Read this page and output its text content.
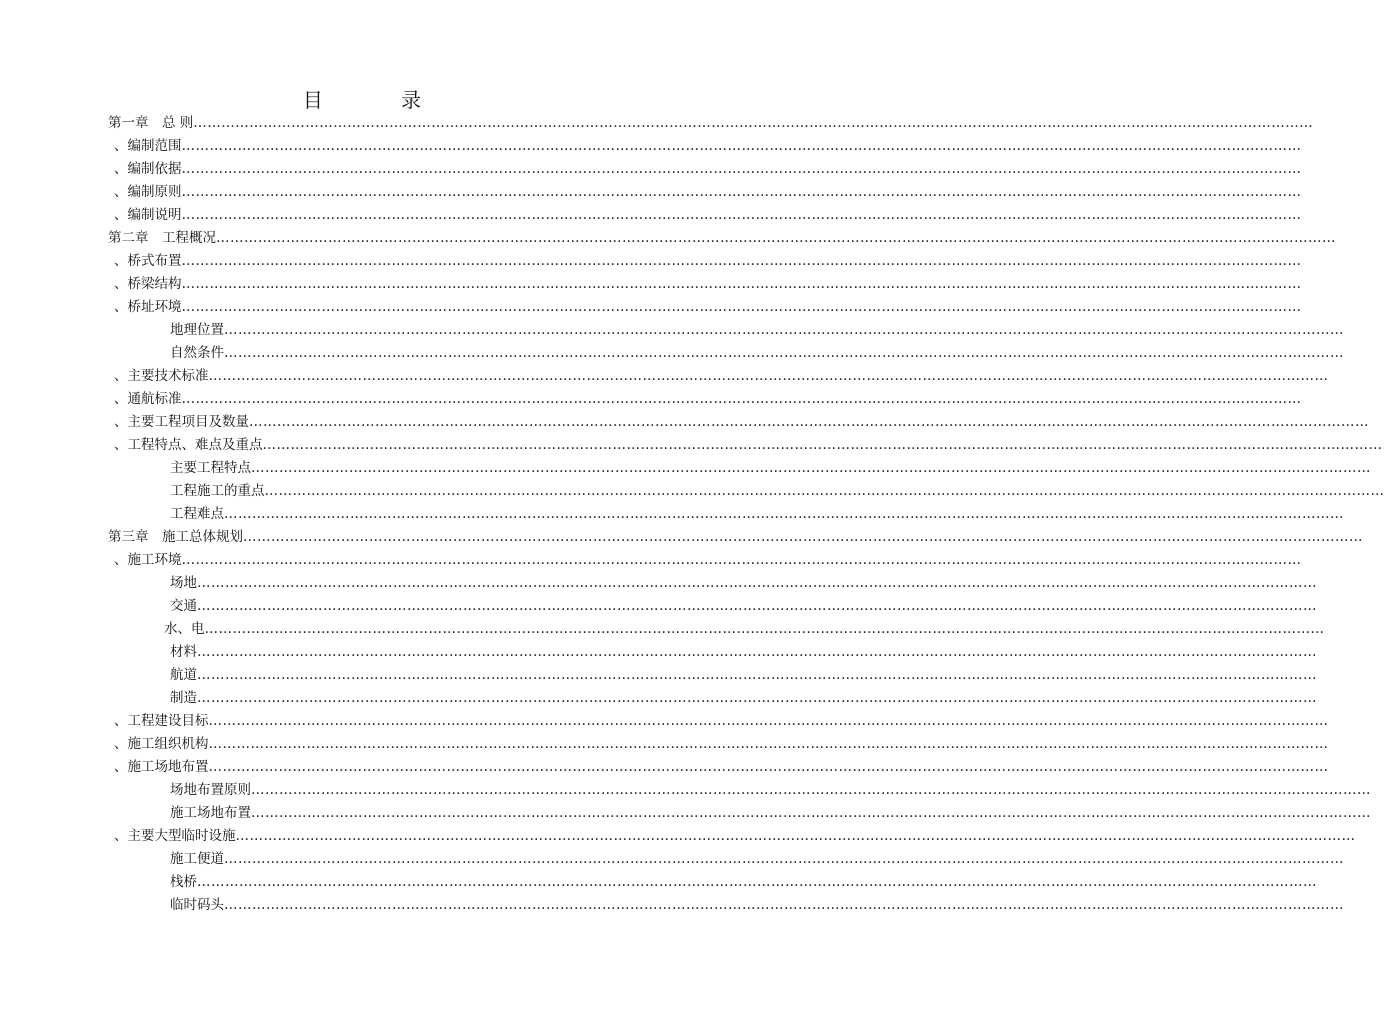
目 录
第一章　总 则 ……………………………………………………………………………………………………………………………………………………………………………………………………………………
、编制范围 ……………………………………………………………………………………………………………………………………………………………………………………………………………………
、编制依据 ……………………………………………………………………………………………………………………………………………………………………………………………………………………
、编制原则 ……………………………………………………………………………………………………………………………………………………………………………………………………………………
、编制说明 ……………………………………………………………………………………………………………………………………………………………………………………………………………………
第二章　工程概况 ……………………………………………………………………………………………………………………………………………………………………………………………………………………
、桥式布置 ……………………………………………………………………………………………………………………………………………………………………………………………………………………
、桥梁结构 ……………………………………………………………………………………………………………………………………………………………………………………………………………………
、桥址环境 ……………………………………………………………………………………………………………………………………………………………………………………………………………………
地理位置 ……………………………………………………………………………………………………………………………………………………………………………………………………………………
自然条件 ……………………………………………………………………………………………………………………………………………………………………………………………………………………
、主要技术标准 ……………………………………………………………………………………………………………………………………………………………………………………………………………………
、通航标准 ……………………………………………………………………………………………………………………………………………………………………………………………………………………
、主要工程项目及数量 ……………………………………………………………………………………………………………………………………………………………………………………………………………………
、工程特点、难点及重点 ……………………………………………………………………………………………………………………………………………………………………………………………………………………
主要工程特点 ……………………………………………………………………………………………………………………………………………………………………………………………………………………
工程施工的重点 ……………………………………………………………………………………………………………………………………………………………………………………………………………………
工程难点 ……………………………………………………………………………………………………………………………………………………………………………………………………………………
第三章　施工总体规划 ……………………………………………………………………………………………………………………………………………………………………………………………………………………
、施工环境 ……………………………………………………………………………………………………………………………………………………………………………………………………………………
场地 ……………………………………………………………………………………………………………………………………………………………………………………………………………………
交通 ……………………………………………………………………………………………………………………………………………………………………………………………………………………
水、电 ……………………………………………………………………………………………………………………………………………………………………………………………………………………
材料 ……………………………………………………………………………………………………………………………………………………………………………………………………………………
航道 ……………………………………………………………………………………………………………………………………………………………………………………………………………………
制造 ……………………………………………………………………………………………………………………………………………………………………………………………………………………
、工程建设目标 ……………………………………………………………………………………………………………………………………………………………………………………………………………………
、施工组织机构 ……………………………………………………………………………………………………………………………………………………………………………………………………………………
、施工场地布置 ……………………………………………………………………………………………………………………………………………………………………………………………………………………
场地布置原则 ……………………………………………………………………………………………………………………………………………………………………………………………………………………
施工场地布置 ……………………………………………………………………………………………………………………………………………………………………………………………………………………
、主要大型临时设施 ……………………………………………………………………………………………………………………………………………………………………………………………………………………
施工便道 ……………………………………………………………………………………………………………………………………………………………………………………………………………………
栈桥 ……………………………………………………………………………………………………………………………………………………………………………………………………………………
临时码头 ……………………………………………………………………………………………………………………………………………………………………………………………………………………
